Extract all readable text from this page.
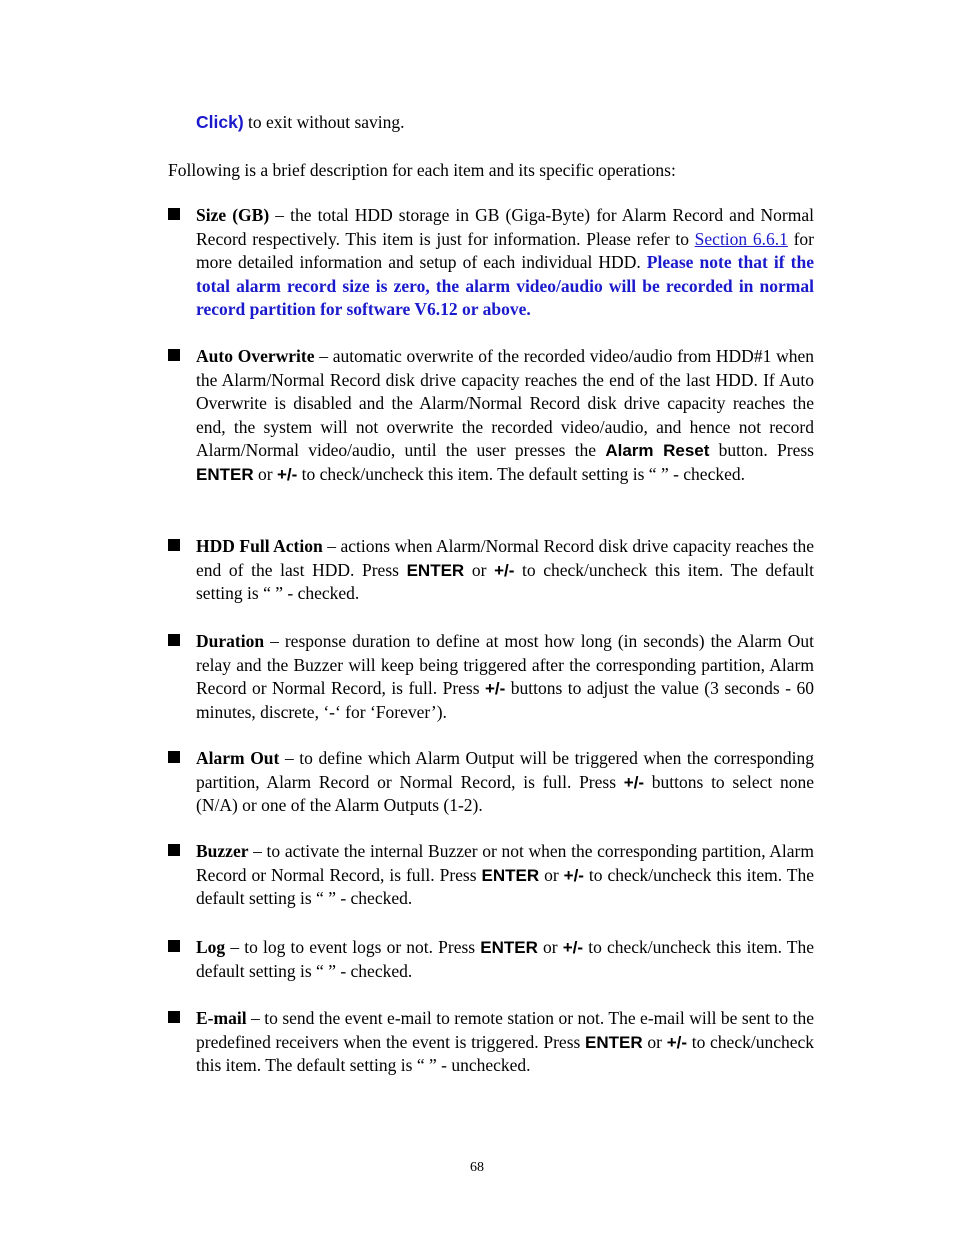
Click) to exit without saving.
Following is a brief description for each item and its specific operations:
Size (GB) – the total HDD storage in GB (Giga-Byte) for Alarm Record and Normal Record respectively. This item is just for information. Please refer to Section 6.6.1 for more detailed information and setup of each individual HDD. Please note that if the total alarm record size is zero, the alarm video/audio will be recorded in normal record partition for software V6.12 or above.
Auto Overwrite – automatic overwrite of the recorded video/audio from HDD#1 when the Alarm/Normal Record disk drive capacity reaches the end of the last HDD. If Auto Overwrite is disabled and the Alarm/Normal Record disk drive capacity reaches the end, the system will not overwrite the recorded video/audio, and hence not record Alarm/Normal video/audio, until the user presses the Alarm Reset button. Press ENTER or +/- to check/uncheck this item. The default setting is “ ” - checked.
HDD Full Action – actions when Alarm/Normal Record disk drive capacity reaches the end of the last HDD. Press ENTER or +/- to check/uncheck this item. The default setting is “ ” - checked.
Duration – response duration to define at most how long (in seconds) the Alarm Out relay and the Buzzer will keep being triggered after the corresponding partition, Alarm Record or Normal Record, is full. Press +/- buttons to adjust the value (3 seconds - 60 minutes, discrete, ‘-‘ for ‘Forever’).
Alarm Out – to define which Alarm Output will be triggered when the corresponding partition, Alarm Record or Normal Record, is full. Press +/- buttons to select none (N/A) or one of the Alarm Outputs (1-2).
Buzzer – to activate the internal Buzzer or not when the corresponding partition, Alarm Record or Normal Record, is full. Press ENTER or +/- to check/uncheck this item. The default setting is “ ” - checked.
Log – to log to event logs or not. Press ENTER or +/- to check/uncheck this item. The default setting is “ ” - checked.
E-mail – to send the event e-mail to remote station or not. The e-mail will be sent to the predefined receivers when the event is triggered. Press ENTER or +/- to check/uncheck this item. The default setting is “ ” - unchecked.
68
